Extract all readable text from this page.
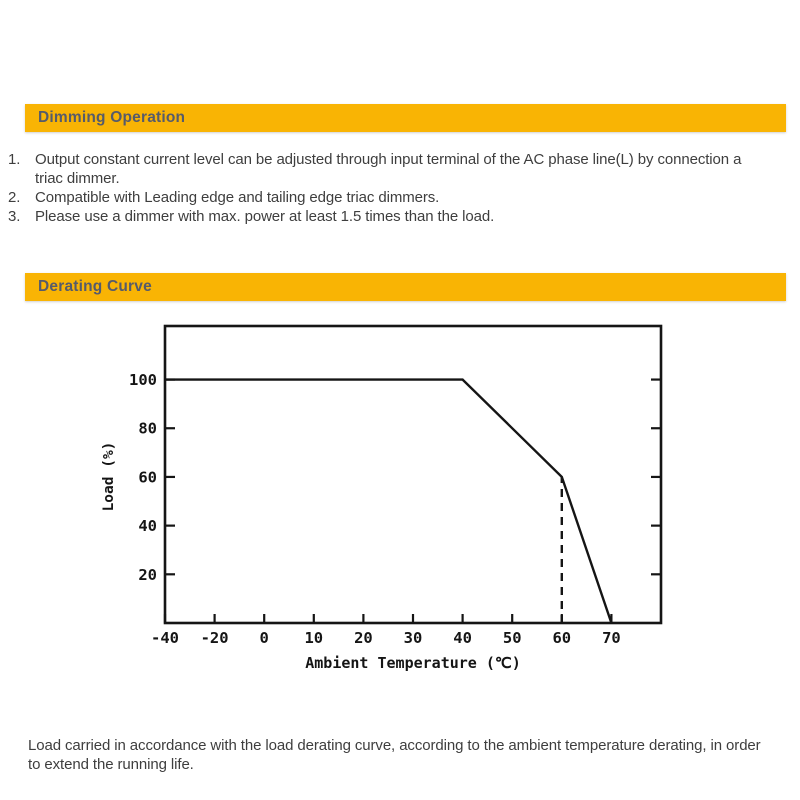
Dimming Operation
1. Output constant current level can be adjusted through input terminal of the AC phase line(L) by connection a triac dimmer.
2. Compatible with Leading edge and tailing edge triac dimmers.
3. Please use a dimmer with max. power at least 1.5 times than the load.
Derating Curve
-40 -20 0 10 20 30 40 50 60 70
20
40
60
80
100
Ambient Temperature (℃)
Load (%)

Load carried in accordance with the load derating curve, according to the ambient temperature derating, in order to extend the running life.
